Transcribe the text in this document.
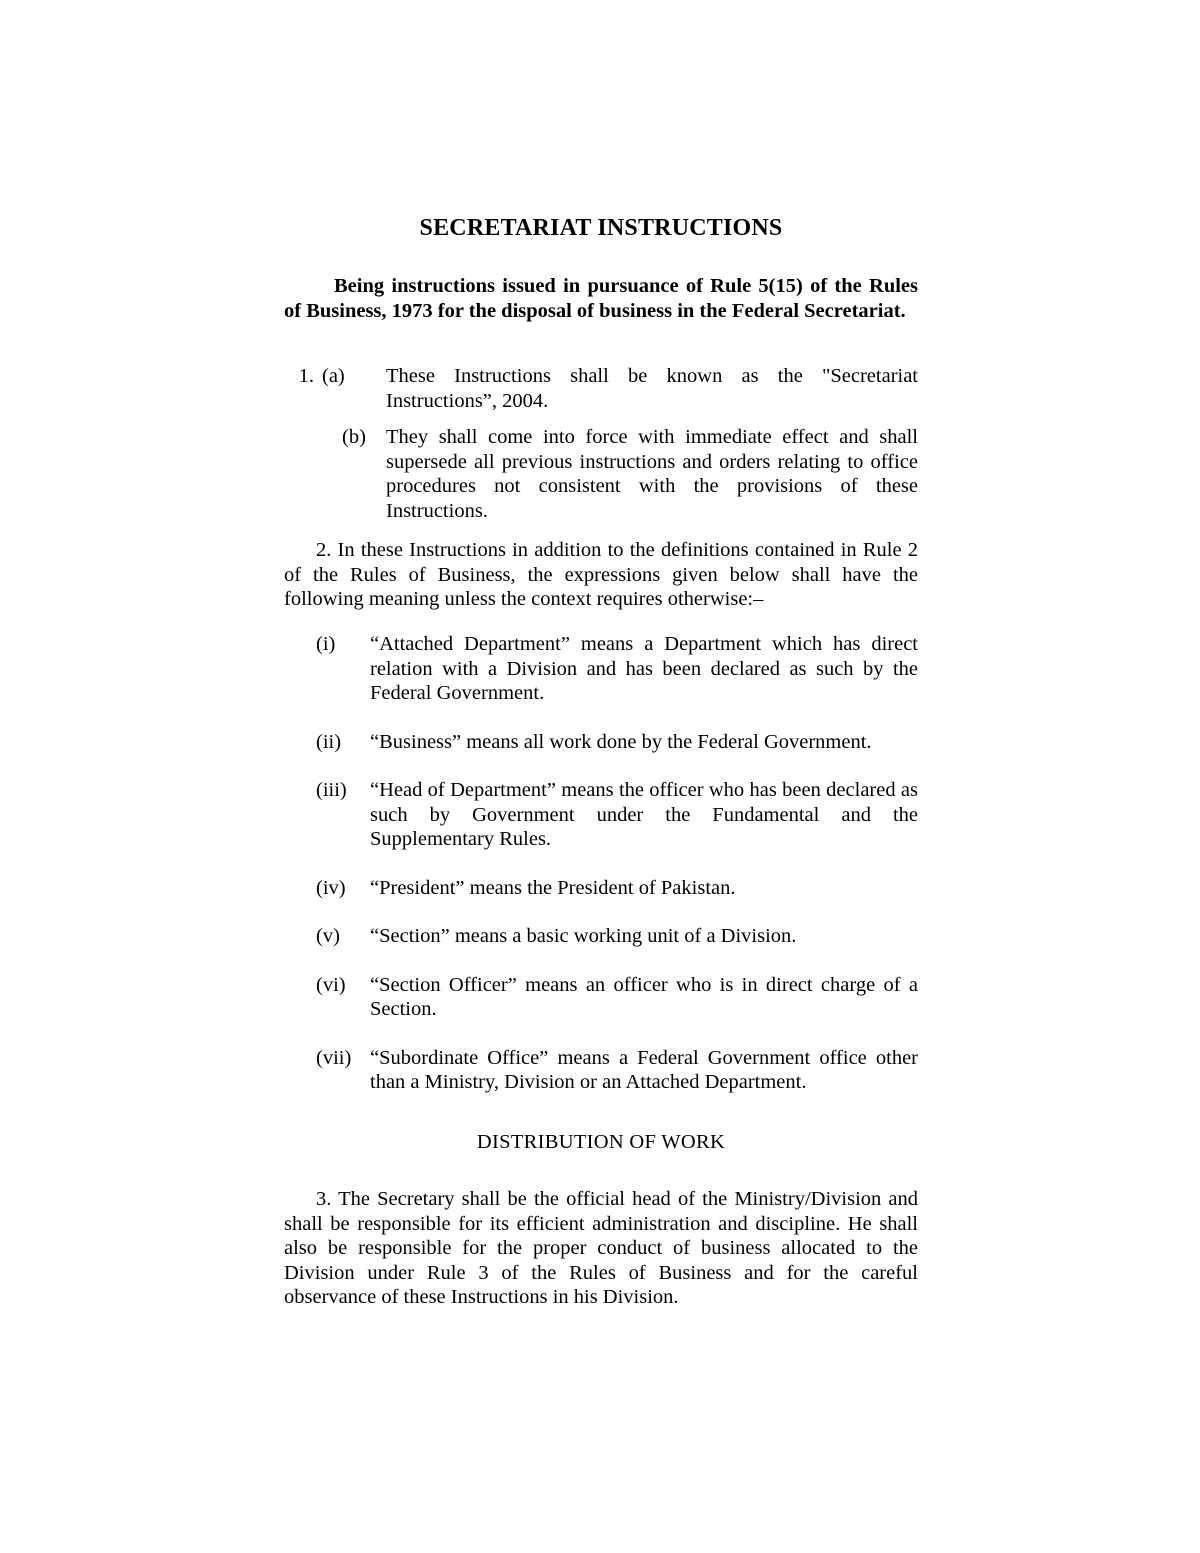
SECRETARIAT INSTRUCTIONS
Being instructions issued in pursuance of Rule 5(15) of the Rules of Business, 1973 for the disposal of business in the Federal Secretariat.
1. (a)	These Instructions shall be known as the "Secretariat Instructions”, 2004.
(b) They shall come into force with immediate effect and shall supersede all previous instructions and orders relating to office procedures not consistent with the provisions of these Instructions.
2. In these Instructions in addition to the definitions contained in Rule 2 of the Rules of Business, the expressions given below shall have the following meaning unless the context requires otherwise:–
(i)	“Attached Department” means a Department which has direct relation with a Division and has been declared as such by the Federal Government.
(ii)	“Business” means all work done by the Federal Government.
(iii)	“Head of Department” means the officer who has been declared as such by Government under the Fundamental and the Supplementary Rules.
(iv)	“President” means the President of Pakistan.
(v)	“Section” means a basic working unit of a Division.
(vi)	“Section Officer” means an officer who is in direct charge of a Section.
(vii) “Subordinate Office” means a Federal Government office other than a Ministry, Division or an Attached Department.
DISTRIBUTION OF WORK
3. The Secretary shall be the official head of the Ministry/Division and shall be responsible for its efficient administration and discipline. He shall also be responsible for the proper conduct of business allocated to the Division under Rule 3 of the Rules of Business and for the careful observance of these Instructions in his Division.
